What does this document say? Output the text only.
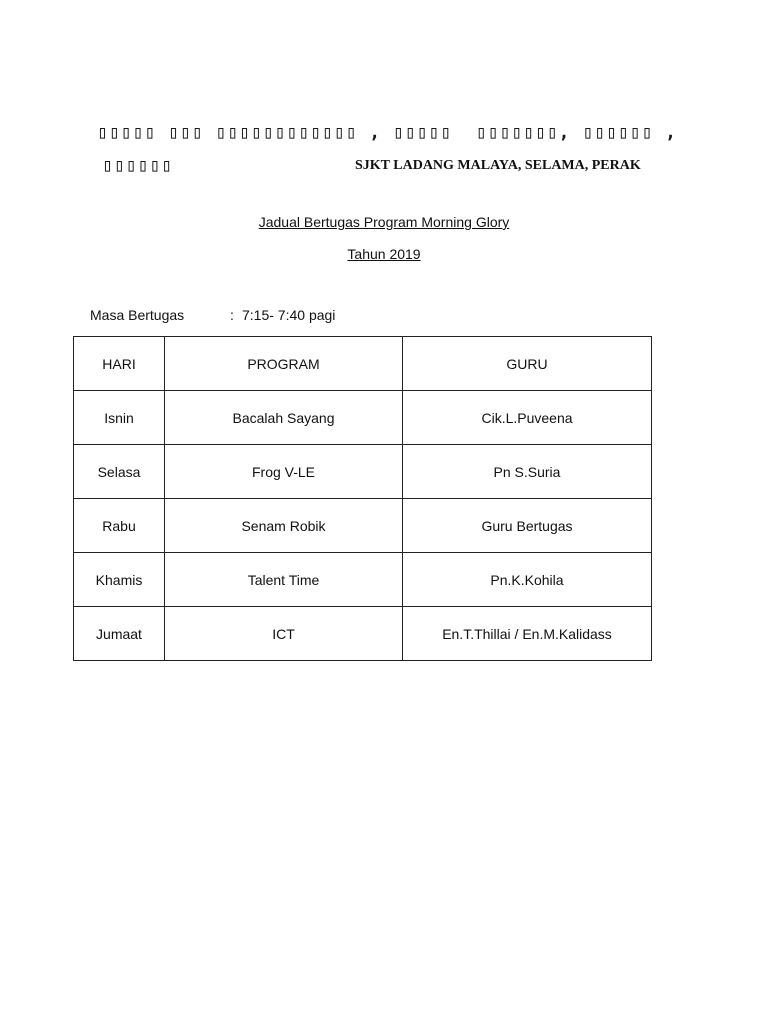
▯▯▯▯▯ ▯▯▯ ▯▯▯▯▯▯▯▯▯▯▯▯ , ▯▯▯▯▯  ▯▯▯▯▯▯▯, ▯▯▯▯▯▯ ,
▯▯▯▯▯▯	SJKT LADANG MALAYA, SELAMA, PERAK
Jadual Bertugas Program Morning Glory
Tahun 2019
Masa Bertugas	: 7:15- 7:40 pagi
HARI	PROGRAM	GURU
Isnin	Bacalah Sayang	Cik.L.Puveena
Selasa	Frog V-LE	Pn S.Suria
Rabu	Senam Robik	Guru Bertugas
Khamis	Talent Time	Pn.K.Kohila
Jumaat	ICT	En.T.Thillai / En.M.Kalidass
